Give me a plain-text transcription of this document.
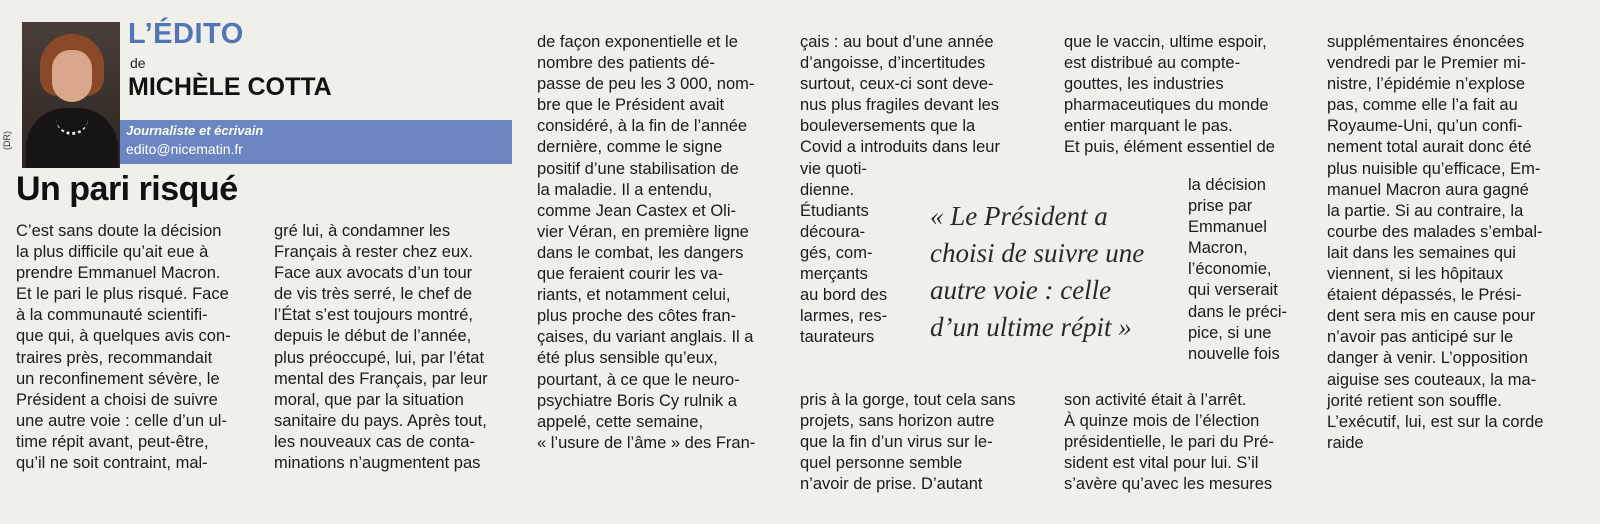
(DR)
L’ÉDITO
de
MICHÈLE COTTA
Journaliste et écrivain
edito@nicematin.fr
Un pari risqué
C’est sans doute la décision
la plus difficile qu’ait eue à
prendre Emmanuel Macron.
Et le pari le plus risqué. Face
à la communauté scientifi-
que qui, à quelques avis con-
traires près, recommandait
un reconfinement sévère, le
Président a choisi de suivre
une autre voie : celle d’un ul-
time répit avant, peut-être,
qu’il ne soit contraint, mal-
gré lui, à condamner les
Français à rester chez eux.
Face aux avocats d’un tour
de vis très serré, le chef de
l’État s’est toujours montré,
depuis le début de l’année,
plus préoccupé, lui, par l’état
mental des Français, par leur
moral, que par la situation
sanitaire du pays. Après tout,
les nouveaux cas de conta-
minations n’augmentent pas
de façon exponentielle et le
nombre des patients dé-
passe de peu les 3 000, nom-
bre que le Président avait
considéré, à la fin de l’année
dernière, comme le signe
positif d’une stabilisation de
la maladie. Il a entendu,
comme Jean Castex et Oli-
vier Véran, en première ligne
dans le combat, les dangers
que feraient courir les va-
riants, et notamment celui,
plus proche des côtes fran-
çaises, du variant anglais. Il a
été plus sensible qu’eux,
pourtant, à ce que le neuro-
psychiatre Boris Cy rulnik a
appelé, cette semaine,
« l’usure de l’âme » des Fran-
çais : au bout d’une année
d’angoisse, d’incertitudes
surtout, ceux-ci sont deve-
nus plus fragiles devant les
bouleversements que la
Covid a introduits dans leur
vie quoti-
dienne.
Étudiants
découra-
gés, com-
merçants
au bord des
larmes, res-
taurateurs
pris à la gorge, tout cela sans
projets, sans horizon autre
que la fin d’un virus sur le-
quel personne semble
n’avoir de prise. D’autant
que le vaccin, ultime espoir,
est distribué au compte-
gouttes, les industries
pharmaceutiques du monde
entier marquant le pas.
Et puis, élément essentiel de
la décision
prise par
Emmanuel
Macron,
l’économie,
qui verserait
dans le préci-
pice, si une
nouvelle fois
son activité était à l’arrêt.
À quinze mois de l’élection
présidentielle, le pari du Pré-
sident est vital pour lui. S’il
s’avère qu’avec les mesures
supplémentaires énoncées
vendredi par le Premier mi-
nistre, l’épidémie n’explose
pas, comme elle l’a fait au
Royaume-Uni, qu’un confi-
nement total aurait donc été
plus nuisible qu’efficace, Em-
manuel Macron aura gagné
la partie. Si au contraire, la
courbe des malades s’embal-
lait dans les semaines qui
viennent, si les hôpitaux
étaient dépassés, le Prési-
dent sera mis en cause pour
n’avoir pas anticipé sur le
danger à venir. L’opposition
aiguise ses couteaux, la ma-
jorité retient son souffle.
L’exécutif, lui, est sur la corde
raide
« Le Président a
choisi de suivre une
autre voie : celle
d’un ultime répit »
